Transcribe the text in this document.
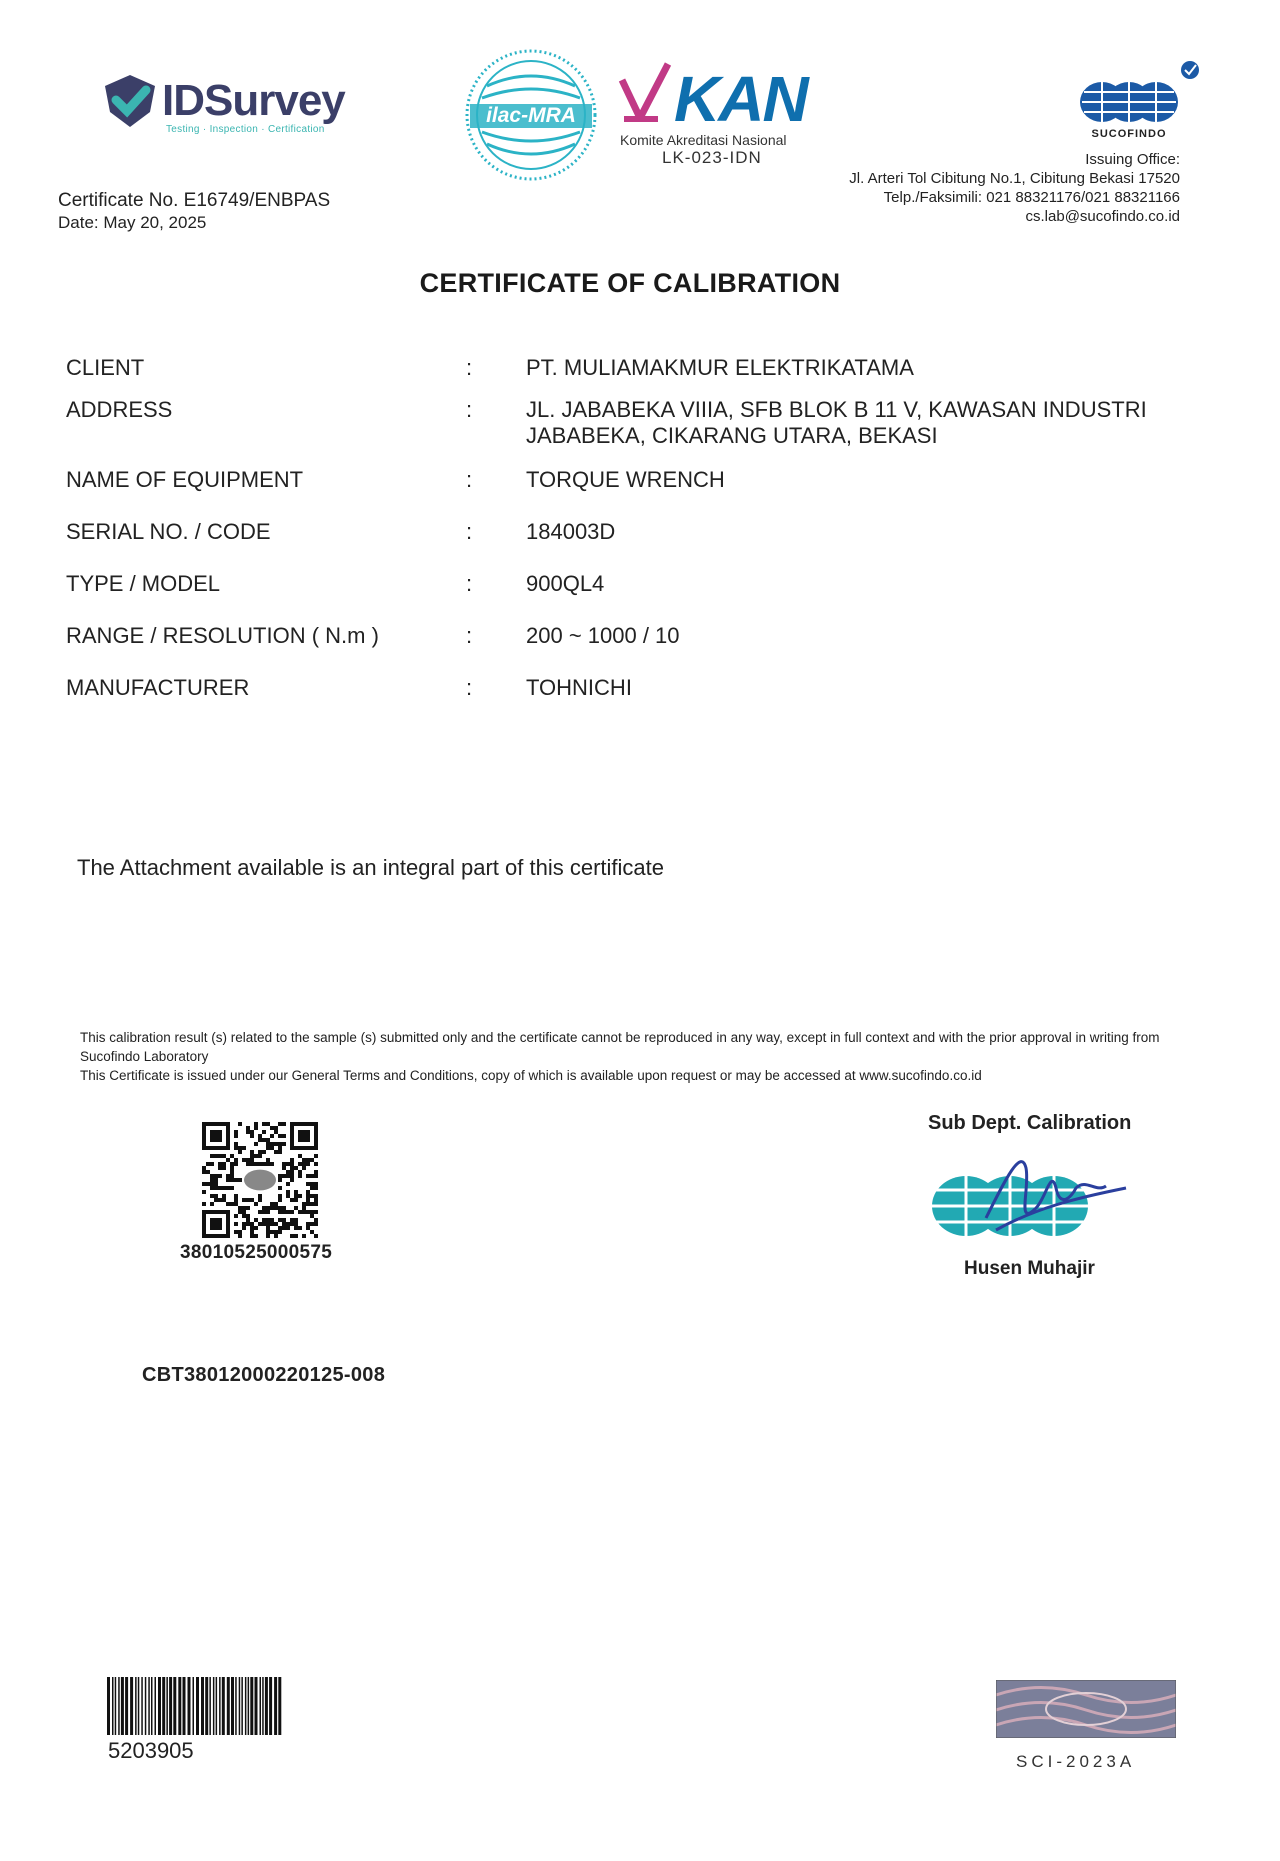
IDSurvey
Testing · Inspection · Certification
ilac-MRA KAN
Komite Akreditasi Nasional
LK-023-IDN
SUCOFINDO
Issuing Office:
Jl. Arteri Tol Cibitung No.1, Cibitung Bekasi 17520
Telp./Faksimili: 021 88321176/021 88321166
cs.lab@sucofindo.co.id
Certificate No. E16749/ENBPAS
Date: May 20, 2025
CERTIFICATE OF CALIBRATION
CLIENT	: PT. MULIAMAKMUR ELEKTRIKATAMA
ADDRESS	: JL. JABABEKA VIIIA, SFB BLOK B 11 V, KAWASAN INDUSTRI JABABEKA, CIKARANG UTARA, BEKASI
NAME OF EQUIPMENT	: TORQUE WRENCH
SERIAL NO. / CODE	: 184003D
TYPE / MODEL	: 900QL4
RANGE / RESOLUTION ( N.m )	: 200 ~ 1000 / 10
MANUFACTURER	: TOHNICHI
The Attachment available is an integral part of this certificate
This calibration result (s) related to the sample (s) submitted only and the certificate cannot be reproduced in any way, except in full context and with the prior approval in writing from Sucofindo Laboratory
This Certificate is issued under our General Terms and Conditions, copy of which is available upon request or may be accessed at www.sucofindo.co.id
38010525000575
Sub Dept. Calibration
Husen Muhajir
CBT38012000220125-008
5203905	SCI-2023A
